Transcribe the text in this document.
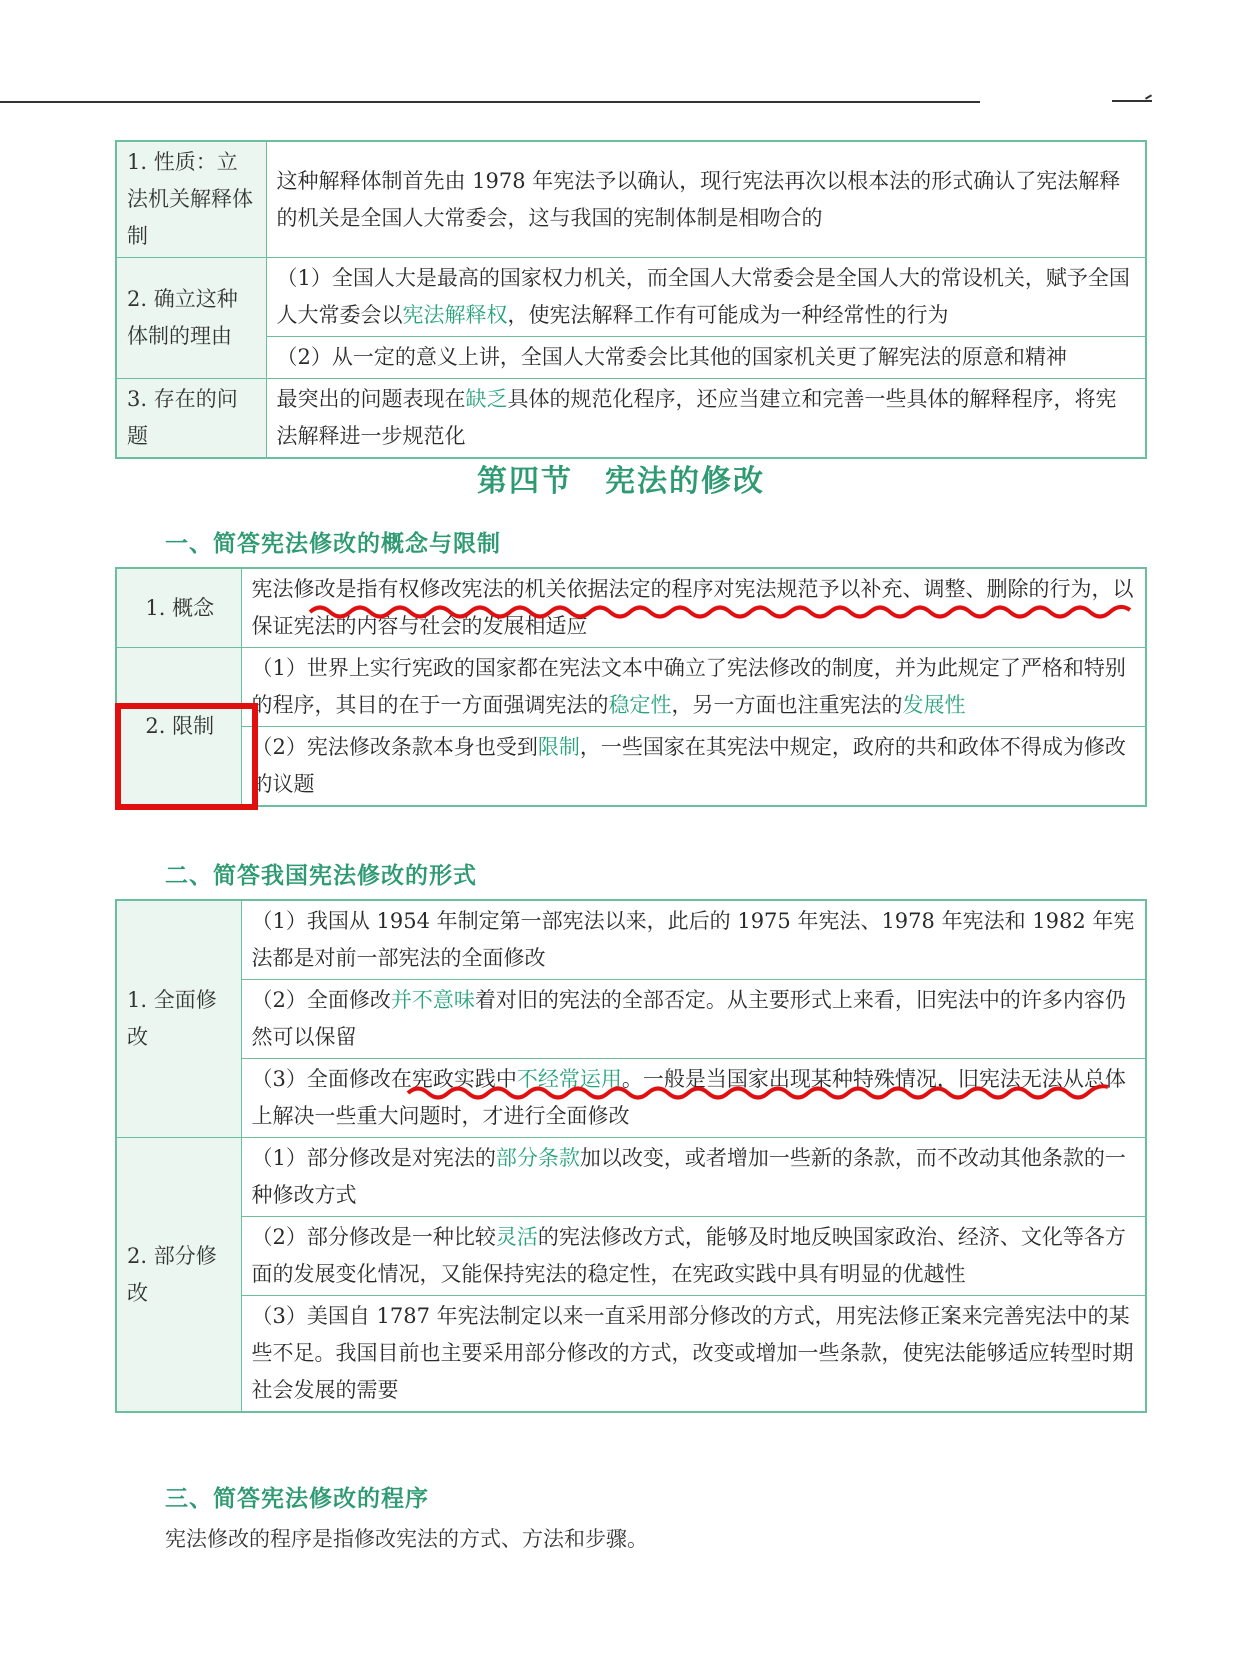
1. 性质：立法机关解释体制	这种解释体制首先由 1978 年宪法予以确认，现行宪法再次以根本法的形式确认了宪法解释的机关是全国人大常委会，这与我国的宪制体制是相吻合的
2. 确立这种体制的理由	（1）全国人大是最高的国家权力机关，而全国人大常委会是全国人大的常设机关，赋予全国人大常委会以宪法解释权，使宪法解释工作有可能成为一种经常性的行为
	（2）从一定的意义上讲，全国人大常委会比其他的国家机关更了解宪法的原意和精神
3. 存在的问题	最突出的问题表现在缺乏具体的规范化程序，还应当建立和完善一些具体的解释程序，将宪法解释进一步规范化
第四节　宪法的修改
一、简答宪法修改的概念与限制
1. 概念	宪法修改是指有权修改宪法的机关依据法定的程序对宪法规范予以补充、调整、删除的行为，以保证宪法的内容与社会的发展相适应
2. 限制	（1）世界上实行宪政的国家都在宪法文本中确立了宪法修改的制度，并为此规定了严格和特别的程序，其目的在于一方面强调宪法的稳定性，另一方面也注重宪法的发展性
	（2）宪法修改条款本身也受到限制，一些国家在其宪法中规定，政府的共和政体不得成为修改的议题
二、简答我国宪法修改的形式
1. 全面修改	（1）我国从 1954 年制定第一部宪法以来，此后的 1975 年宪法、1978 年宪法和 1982 年宪法都是对前一部宪法的全面修改
	（2）全面修改并不意味着对旧的宪法的全部否定。从主要形式上来看，旧宪法中的许多内容仍然可以保留
	（3）全面修改在宪政实践中不经常运用。一般是当国家出现某种特殊情况，旧宪法无法从总体上解决一些重大问题时，才进行全面修改
2. 部分修改	（1）部分修改是对宪法的部分条款加以改变，或者增加一些新的条款，而不改动其他条款的一种修改方式
	（2）部分修改是一种比较灵活的宪法修改方式，能够及时地反映国家政治、经济、文化等各方面的发展变化情况，又能保持宪法的稳定性，在宪政实践中具有明显的优越性
	（3）美国自 1787 年宪法制定以来一直采用部分修改的方式，用宪法修正案来完善宪法中的某些不足。我国目前也主要采用部分修改的方式，改变或增加一些条款，使宪法能够适应转型时期社会发展的需要
三、简答宪法修改的程序
宪法修改的程序是指修改宪法的方式、方法和步骤。
